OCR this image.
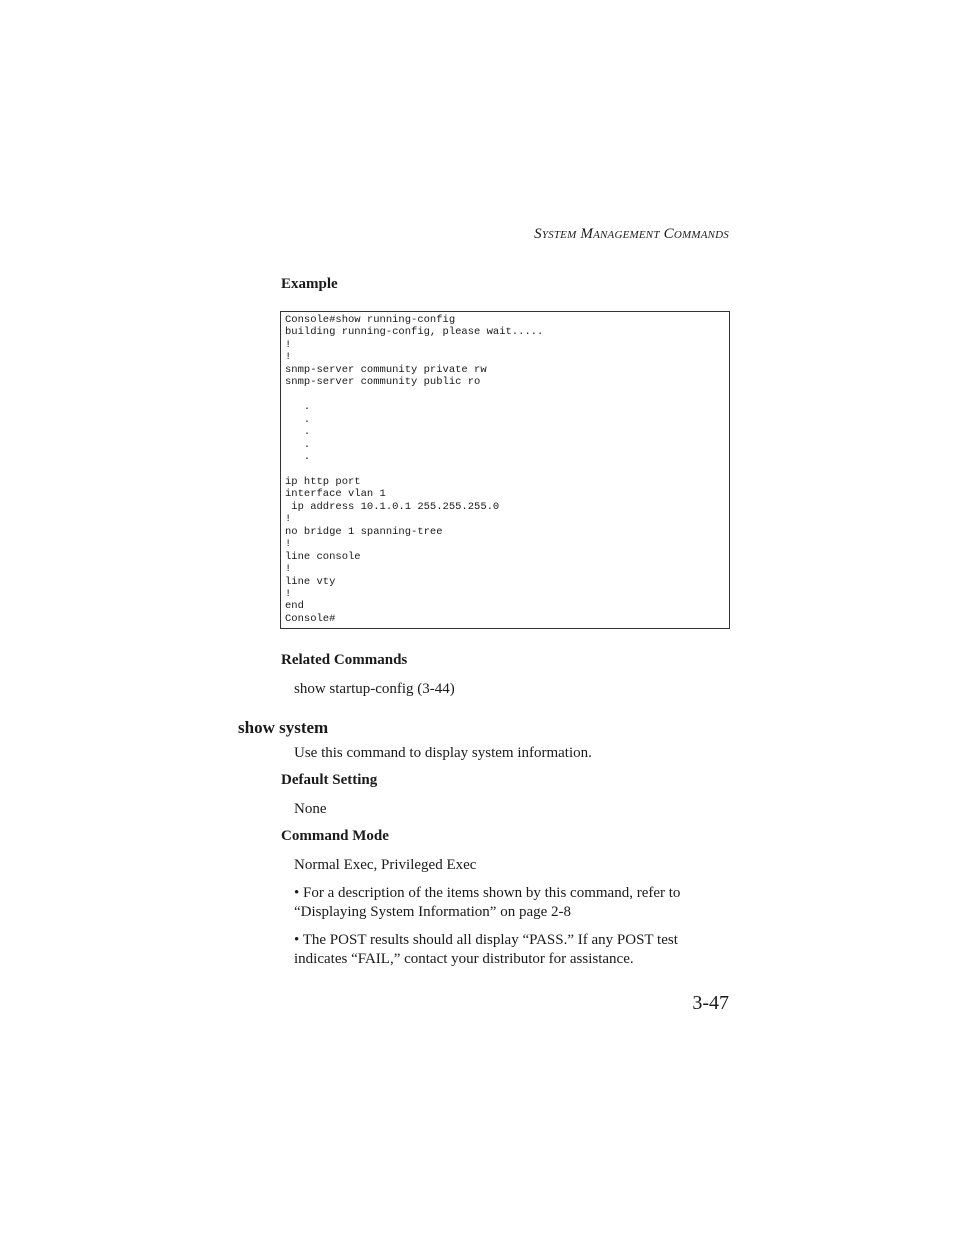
System Management Commands
Example
Console#show running-config
building running-config, please wait.....
!
!
snmp-server community private rw
snmp-server community public ro
.
.
.
.
.
ip http port
interface vlan 1
ip address 10.1.0.1 255.255.255.0
!
no bridge 1 spanning-tree
!
line console
!
line vty
!
end
Console#
Related Commands
show startup-config (3-44)
show system
Use this command to display system information.
Default Setting
None
Command Mode
Normal Exec, Privileged Exec
• For a description of the items shown by this command, refer to
“Displaying System Information” on page 2-8
• The POST results should all display “PASS.” If any POST test
indicates “FAIL,” contact your distributor for assistance.
3-47
